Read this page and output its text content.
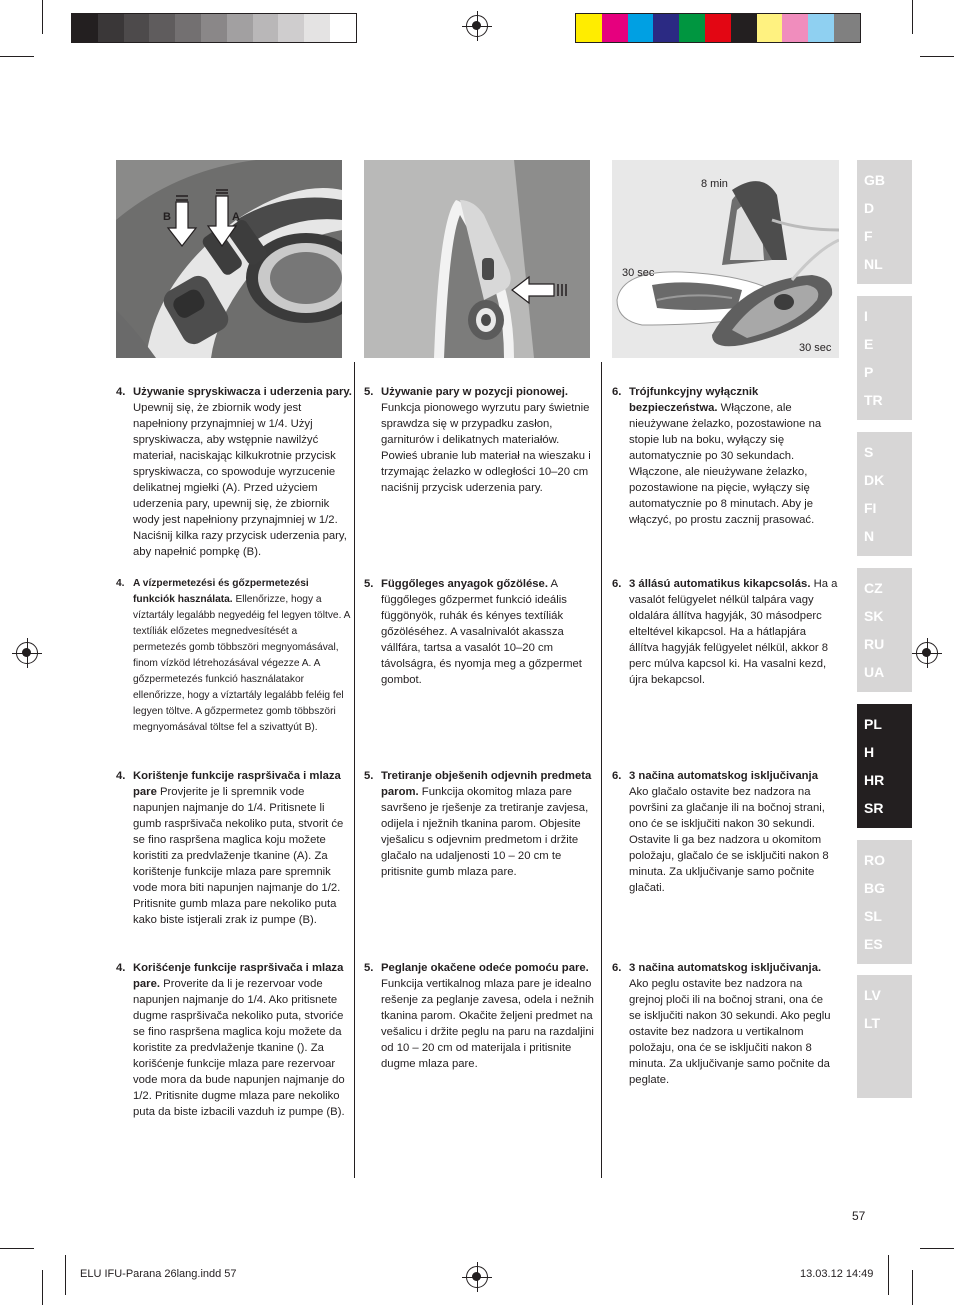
B	A
8 min
30 sec
30 sec
4. Używanie spryskiwacza i uderzenia pary. Upewnij się, że zbiornik wody jest napełniony przynajmniej w 1/4. Użyj spryskiwacza, aby wstępnie nawilżyć materiał, naciskając kilkukrotnie przycisk spryskiwacza, co spowoduje wyrzucenie delikatnej mgiełki (A). Przed użyciem uderzenia pary, upewnij się, że zbiornik wody jest napełniony przynajmniej w 1/2. Naciśnij kilka razy przycisk uderzenia pary, aby napełnić pompkę (B).
5. Używanie pary w pozycji pionowej. Funkcja pionowego wyrzutu pary świetnie sprawdza się w przypadku zasłon, garniturów i delikatnych materiałów. Powieś ubranie lub materiał na wieszaku i trzymając żelazko w odległości 10–20 cm naciśnij przycisk uderzenia pary.
6. Trójfunkcyjny wyłącznik bezpieczeństwa. Włączone, ale nieużywane żelazko, pozostawione na stopie lub na boku, wyłączy się automatycznie po 30 sekundach. Włączone, ale nieużywane żelazko, pozostawione na pięcie, wyłączy się automatycznie po 8 minutach. Aby je włączyć, po prostu zacznij prasować.
4. A vízpermetezési és gőzpermetezési funkciók használata. Ellenőrizze, hogy a víztartály legalább negyedéig fel legyen töltve. A textíliák előzetes megnedvesítését a permetezés gomb többszöri megnyomásával, finom vízköd létrehozásával végezze A. A gőzpermetezés funkció használatakor ellenőrizze, hogy a víztartály legalább feléig fel legyen töltve. A gőzpermetez gomb többszöri megnyomásával töltse fel a szivattyút B).
5. Függőleges anyagok gőzölése. A függőleges gőzpermet funkció ideális függönyök, ruhák és kényes textíliák gőzöléséhez. A vasalnivalót akassza vállfára, tartsa a vasalót 10–20 cm távolságra, és nyomja meg a gőzpermet gombot.
6. 3 állású automatikus kikapcsolás. Ha a vasalót felügyelet nélkül talpára vagy oldalára állítva hagyják, 30 másodperc elteltével kikapcsol. Ha a hátlapjára állítva hagyják felügyelet nélkül, akkor 8 perc múlva kapcsol ki. Ha vasalni kezd, újra bekapcsol.
4. Korištenje funkcije raspršivača i mlaza pare Provjerite je li spremnik vode napunjen najmanje do 1/4. Pritisnete li gumb raspršivača nekoliko puta, stvorit će se fino raspršena maglica koju možete koristiti za predvlaženje tkanine (A). Za korištenje funkcije mlaza pare spremnik vode mora biti napunjen najmanje do 1/2. Pritisnite gumb mlaza pare nekoliko puta kako biste istjerali zrak iz pumpe (B).
5. Tretiranje obješenih odjevnih predmeta parom. Funkcija okomitog mlaza pare savršeno je rješenje za tretiranje zavjesa, odijela i nježnih tkanina parom. Objesite vješalicu s odjevnim predmetom i držite glačalo na udaljenosti 10 – 20 cm te pritisnite gumb mlaza pare.
6. 3 načina automatskog isključivanja Ako glačalo ostavite bez nadzora na površini za glačanje ili na bočnoj strani, ono će se isključiti nakon 30 sekundi. Ostavite li ga bez nadzora u okomitom položaju, glačalo će se isključiti nakon 8 minuta. Za uključivanje samo počnite glačati.
4. Korišćenje funkcije raspršivača i mlaza pare. Proverite da li je rezervoar vode napunjen najmanje do 1/4. Ako pritisnete dugme raspršivača nekoliko puta, stvoriće se fino raspršena maglica koju možete da koristite za predvlaženje tkanine (). Za korišćenje funkcije mlaza pare rezervoar vode mora da bude napunjen najmanje do 1/2. Pritisnite dugme mlaza pare nekoliko puta da biste izbacili vazduh iz pumpe (B).
5. Peglanje okačene odeće pomoću pare. Funkcija vertikalnog mlaza pare je idealno rešenje za peglanje zavesa, odela i nežnih tkanina parom. Okačite željeni predmet na vešalicu i držite peglu na paru na razdaljini od 10 – 20 cm od materijala i pritisnite dugme mlaza pare.
6. 3 načina automatskog isključivanja. Ako peglu ostavite bez nadzora na grejnoj ploči ili na bočnoj strani, ona će se isključiti nakon 30 sekundi. Ako peglu ostavite bez nadzora u vertikalnom položaju, ona će se isključiti nakon 8 minuta. Za uključivanje samo počnite da peglate.
GB
D
F
NL
I
E
P
TR
S
DK
FI
N
CZ
SK
RU
UA
PL
H
HR
SR
RO
BG
SL
ES
LV
LT
57
ELU IFU-Parana 26lang.indd 57	13.03.12 14:49
